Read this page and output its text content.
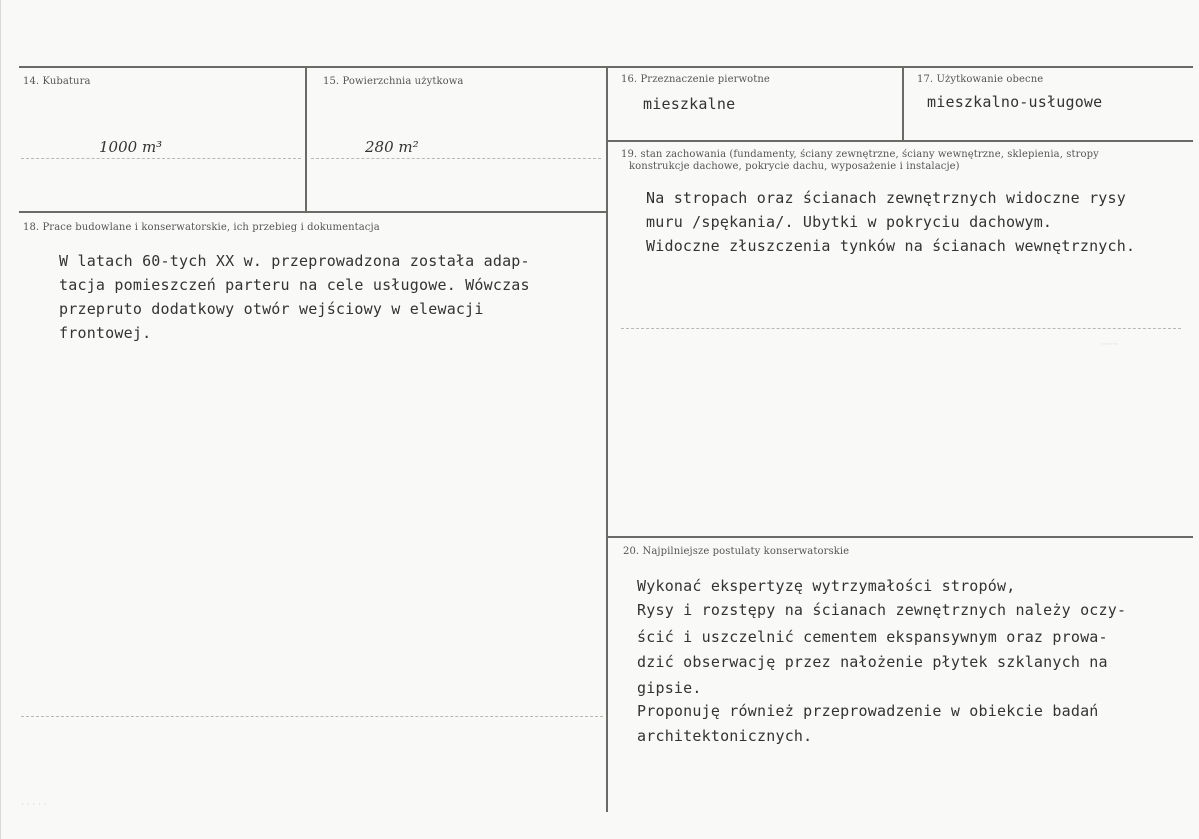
······
· · · · ·
14. Kubatura
1000 m³
15. Powierzchnia użytkowa
280 m²
16. Przeznaczenie pierwotne
mieszkalne
17. Użytkowanie obecne
mieszkalno-usługowe
18. Prace budowlane i konserwatorskie, ich przebieg i dokumentacja
W latach 60-tych XX w. przeprowadzona została adap-
tacja pomieszczeń parteru na cele usługowe. Wówczas
przepruto dodatkowy otwór wejściowy w elewacji
frontowej.
19. stan zachowania (fundamenty, ściany zewnętrzne, ściany wewnętrzne, sklepienia, stropy
konstrukcje dachowe, pokrycie dachu, wyposażenie i instalacje)
Na stropach oraz ścianach zewnętrznych widoczne rysy
muru /spękania/. Ubytki w pokryciu dachowym.
Widoczne złuszczenia tynków na ścianach wewnętrznych.
20. Najpilniejsze postulaty konserwatorskie
Wykonać ekspertyzę wytrzymałości stropów,
Rysy i rozstępy na ścianach zewnętrznych należy oczy-
ścić i uszczelnić cementem ekspansywnym oraz prowa-
dzić obserwację przez nałożenie płytek szklanych na
gipsie.
Proponuję również przeprowadzenie w obiekcie badań
architektonicznych.
